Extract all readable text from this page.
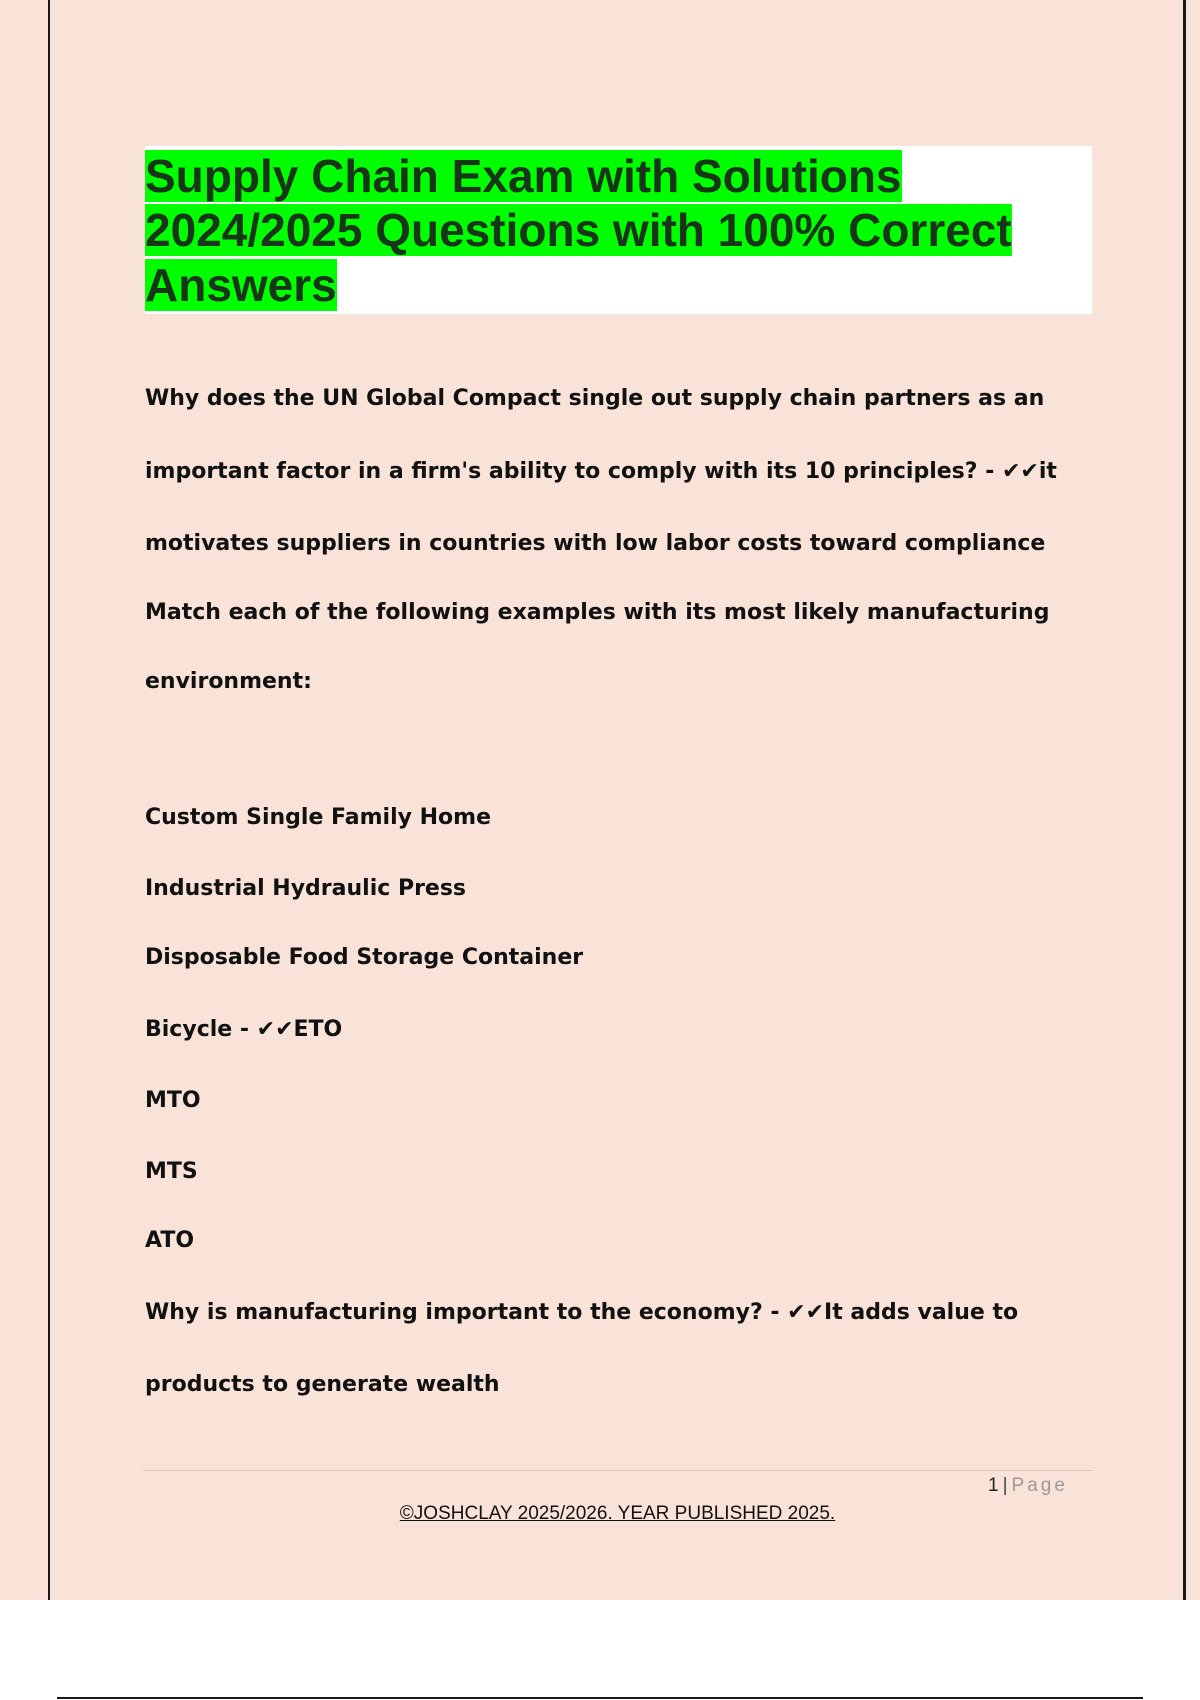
Supply Chain Exam with Solutions
2024/2025 Questions with 100% Correct
Answers

Why does the UN Global Compact single out supply chain partners as an

important factor in a firm's ability to comply with its 10 principles? - ✔✔it

motivates suppliers in countries with low labor costs toward compliance

Match each of the following examples with its most likely manufacturing

environment:

Custom Single Family Home

Industrial Hydraulic Press

Disposable Food Storage Container

Bicycle - ✔✔ETO

MTO

MTS

ATO

Why is manufacturing important to the economy? - ✔✔It adds value to

products to generate wealth

1 | Page
©JOSHCLAY 2025/2026. YEAR PUBLISHED 2025.
